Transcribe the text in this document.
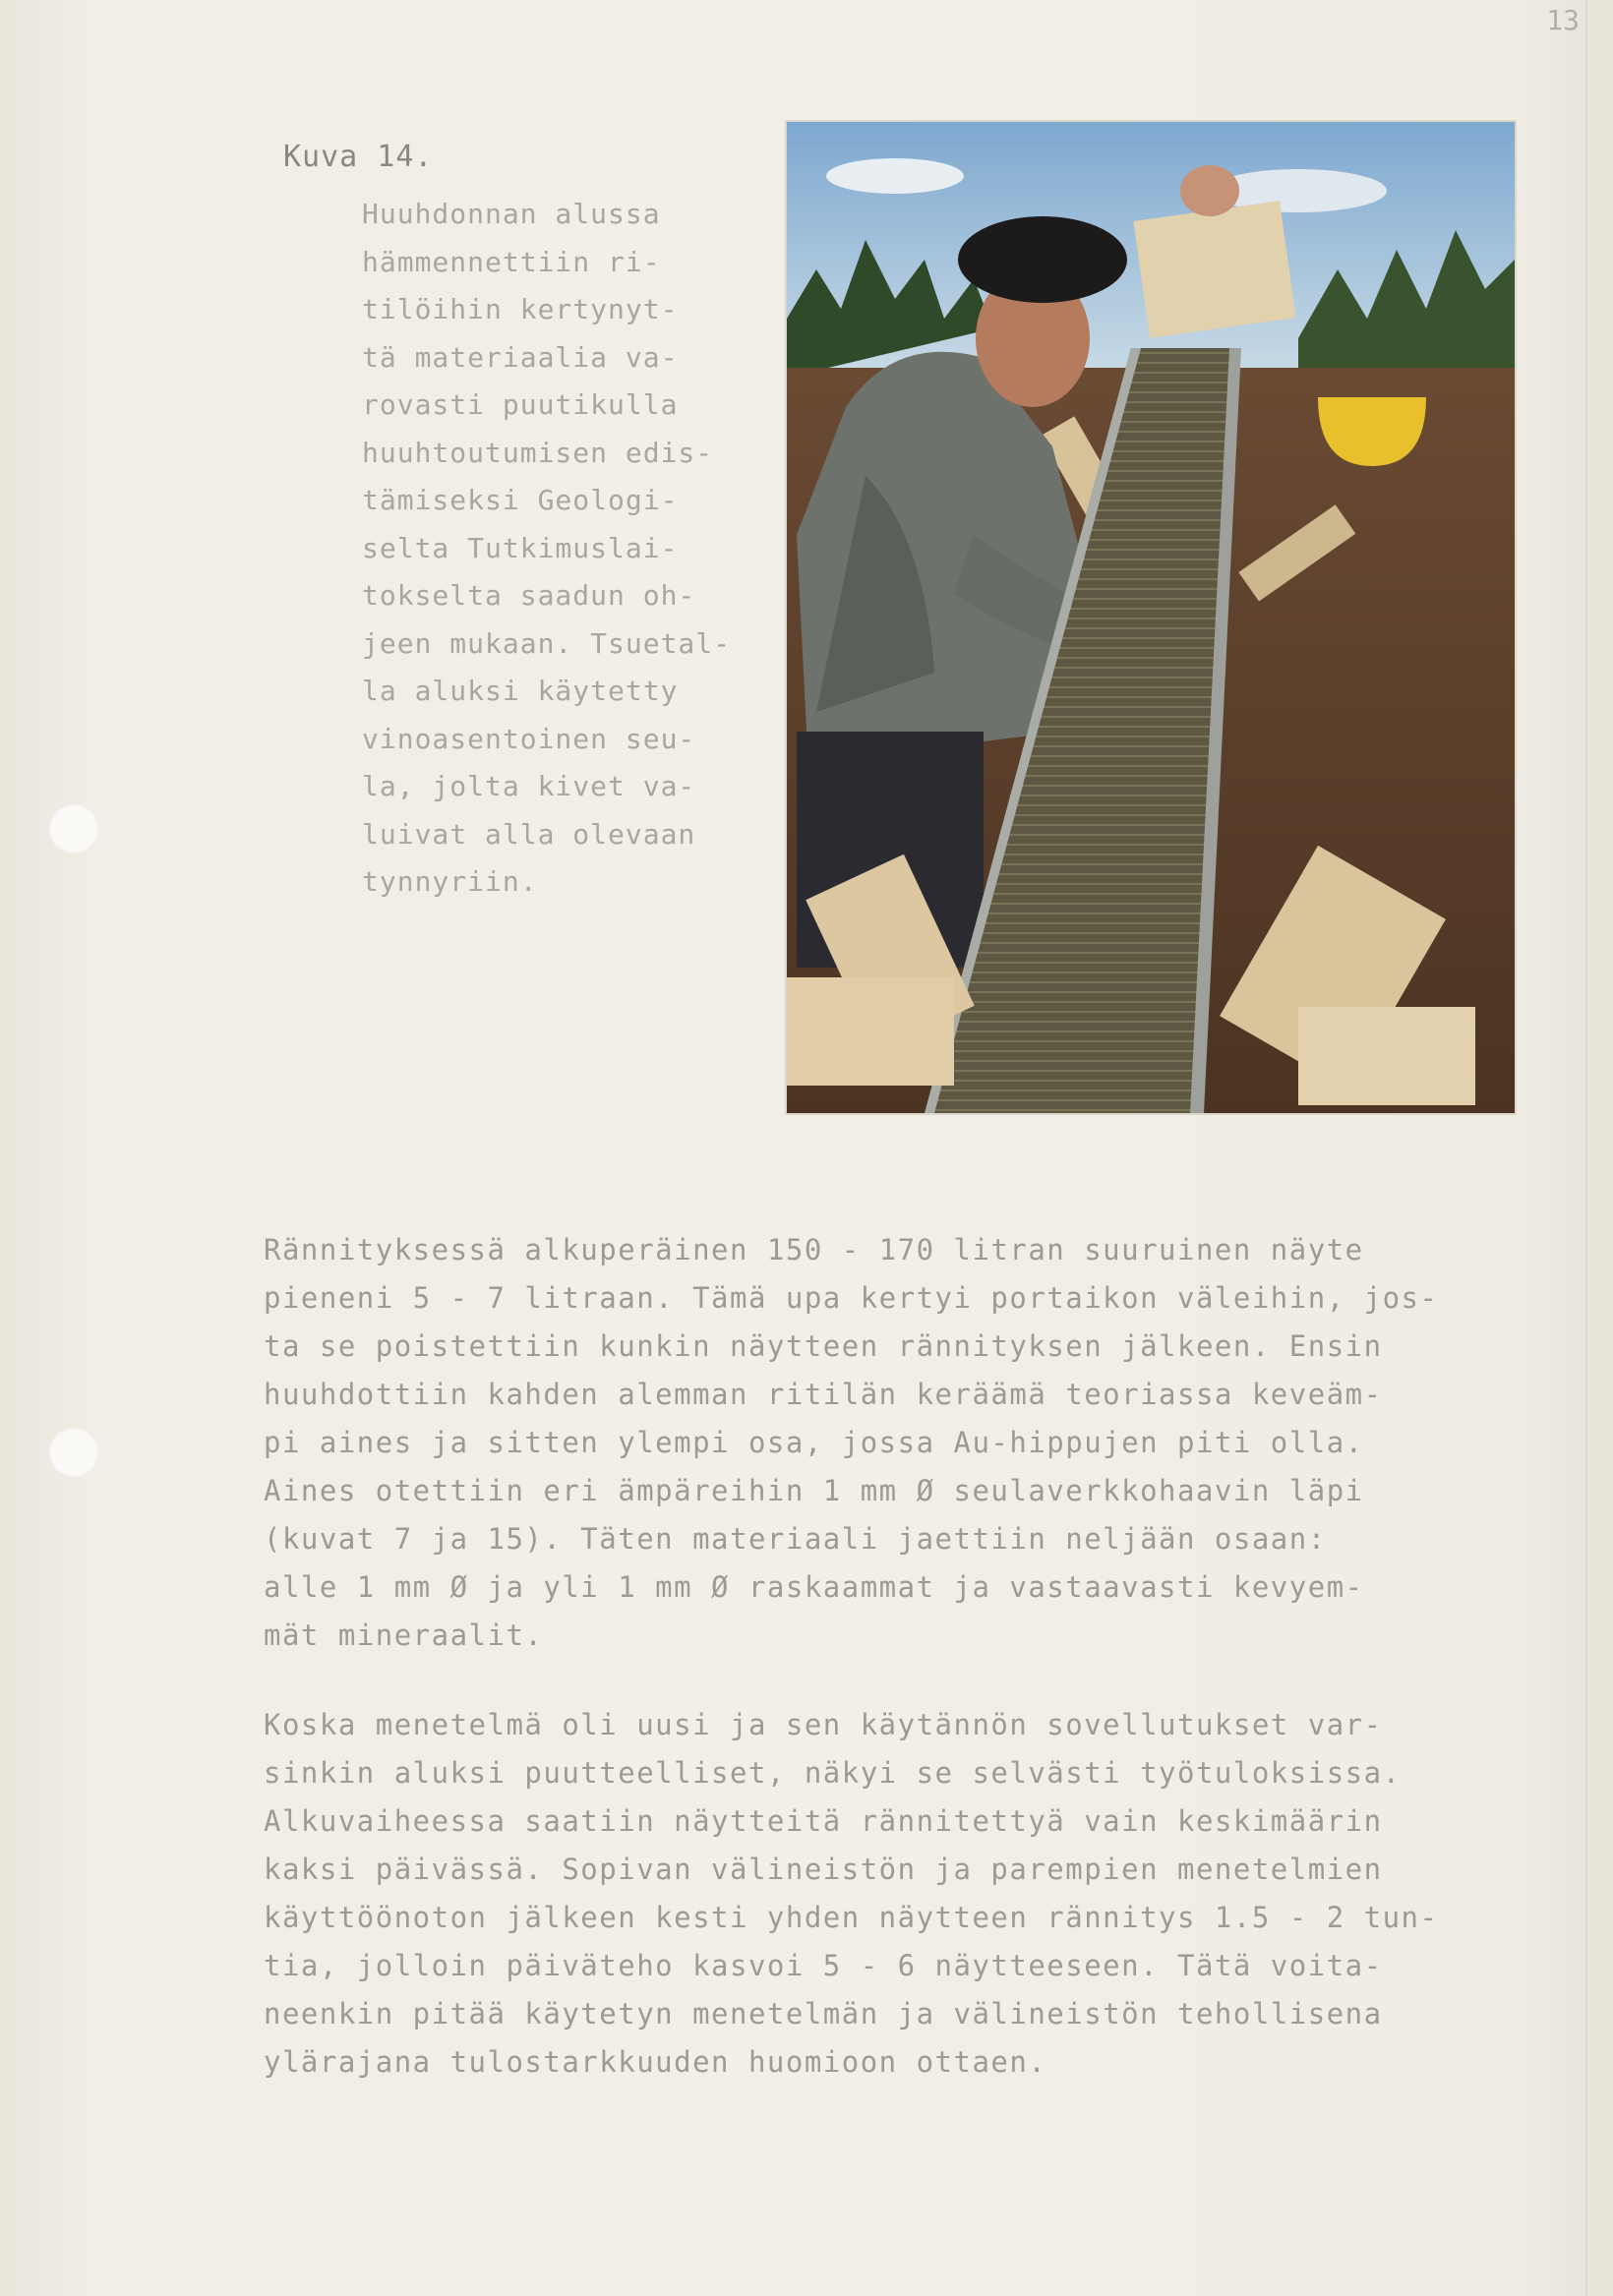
13

Kuva 14.

Huuhdonnan alussa
hämmennettiin ri-
tilöihin kertynyt-
tä materiaalia va-
rovasti puutikulla
huuhtoutumisen edis-
tämiseksi Geologi-
selta Tutkimuslai-
tokselta saadun oh-
jeen mukaan. Tsuetal-
la aluksi käytetty
vinoasentoinen seu-
la, jolta kivet va-
luivat alla olevaan
tynnyriin.

Rännityksessä alkuperäinen 150 - 170 litran suuruinen näyte
pieneni 5 - 7 litraan. Tämä upa kertyi portaikon väleihin, jos-
ta se poistettiin kunkin näytteen rännityksen jälkeen. Ensin
huuhdottiin kahden alemman ritilän keräämä teoriassa keveäm-
pi aines ja sitten ylempi osa, jossa Au-hippujen piti olla.
Aines otettiin eri ämpäreihin 1 mm Ø seulaverkkohaavin läpi
(kuvat 7 ja 15). Täten materiaali jaettiin neljään osaan:
alle 1 mm Ø ja yli 1 mm Ø raskaammat ja vastaavasti kevyem-
mät mineraalit.

Koska menetelmä oli uusi ja sen käytännön sovellutukset var-
sinkin aluksi puutteelliset, näkyi se selvästi työtuloksissa.
Alkuvaiheessa saatiin näytteitä rännitettyä vain keskimäärin
kaksi päivässä. Sopivan välineistön ja parempien menetelmien
käyttöönoton jälkeen kesti yhden näytteen rännitys 1.5 - 2 tun-
tia, jolloin päiväteho kasvoi 5 - 6 näytteeseen. Tätä voita-
neenkin pitää käytetyn menetelmän ja välineistön tehollisena
ylärajana tulostarkkuuden huomioon ottaen.
